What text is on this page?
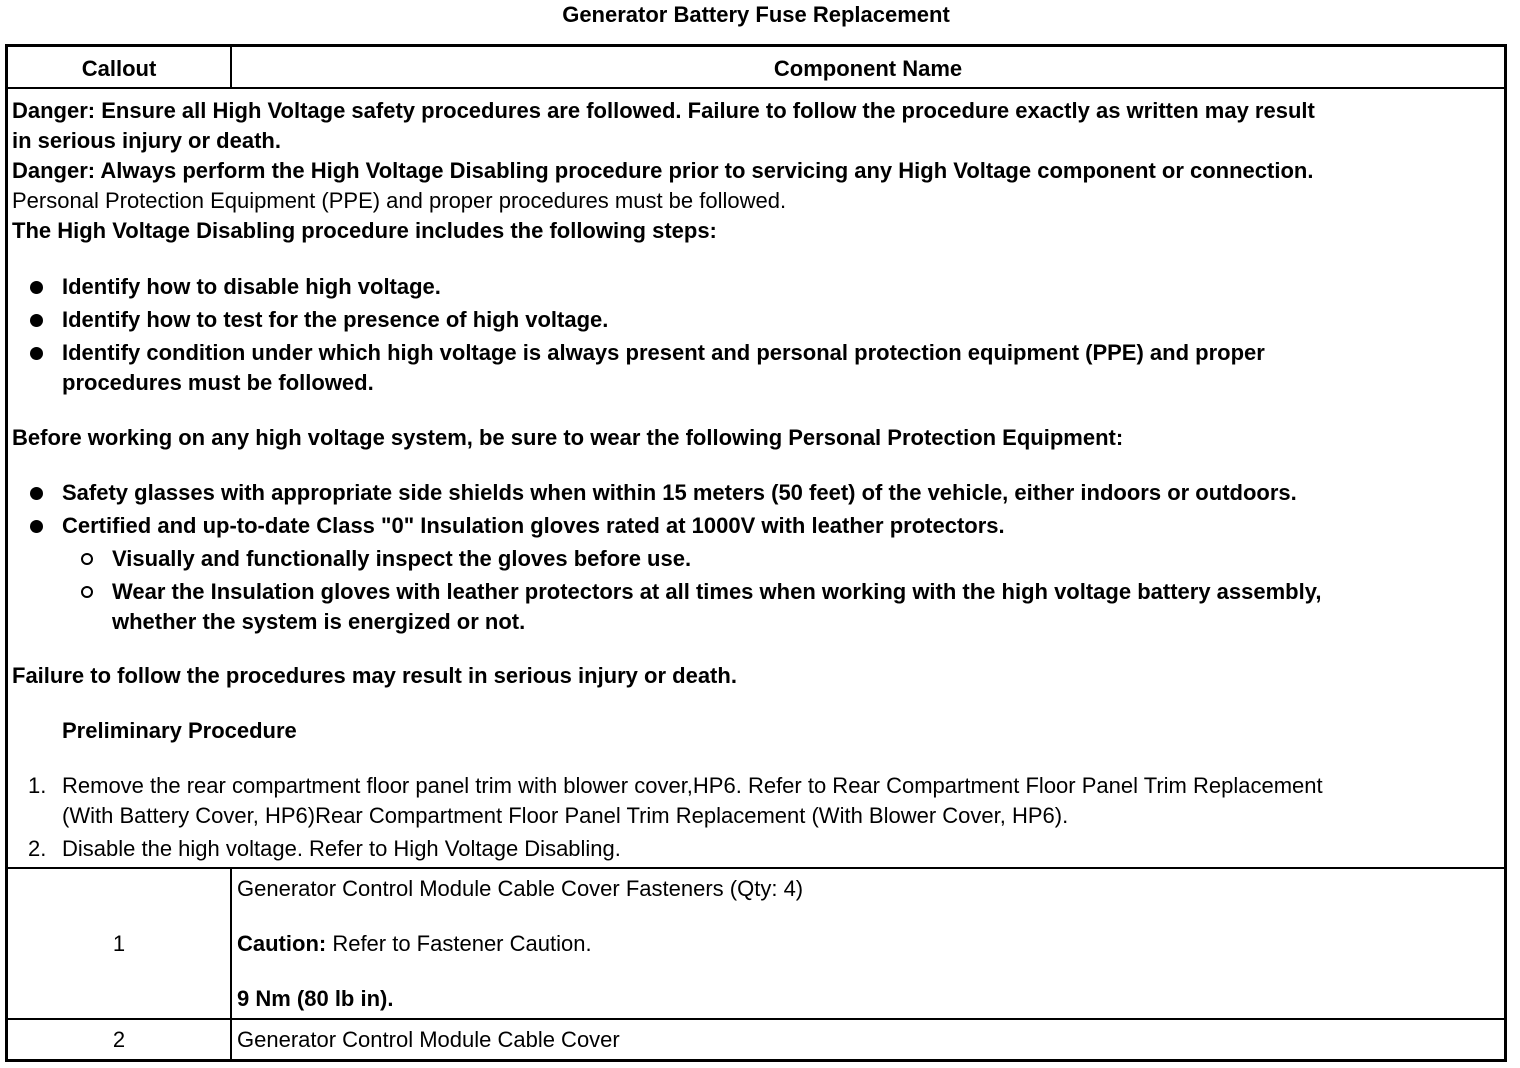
Generator Battery Fuse Replacement
Callout	Component Name
Danger: Ensure all High Voltage safety procedures are followed. Failure to follow the procedure exactly as written may result
in serious injury or death.
Danger: Always perform the High Voltage Disabling procedure prior to servicing any High Voltage component or connection.
Personal Protection Equipment (PPE) and proper procedures must be followed.
The High Voltage Disabling procedure includes the following steps:
Identify how to disable high voltage.
Identify how to test for the presence of high voltage.
Identify condition under which high voltage is always present and personal protection equipment (PPE) and proper
procedures must be followed.
Before working on any high voltage system, be sure to wear the following Personal Protection Equipment:
Safety glasses with appropriate side shields when within 15 meters (50 feet) of the vehicle, either indoors or outdoors.
Certified and up-to-date Class "0" Insulation gloves rated at 1000V with leather protectors.
Visually and functionally inspect the gloves before use.
Wear the Insulation gloves with leather protectors at all times when working with the high voltage battery assembly,
whether the system is energized or not.
Failure to follow the procedures may result in serious injury or death.
Preliminary Procedure
1. Remove the rear compartment floor panel trim with blower cover,HP6. Refer to Rear Compartment Floor Panel Trim Replacement
(With Battery Cover, HP6)Rear Compartment Floor Panel Trim Replacement (With Blower Cover, HP6).
2. Disable the high voltage. Refer to High Voltage Disabling.
1
Generator Control Module Cable Cover Fasteners (Qty: 4)
Caution: Refer to Fastener Caution.
9 Nm (80 lb in).
2	Generator Control Module Cable Cover
